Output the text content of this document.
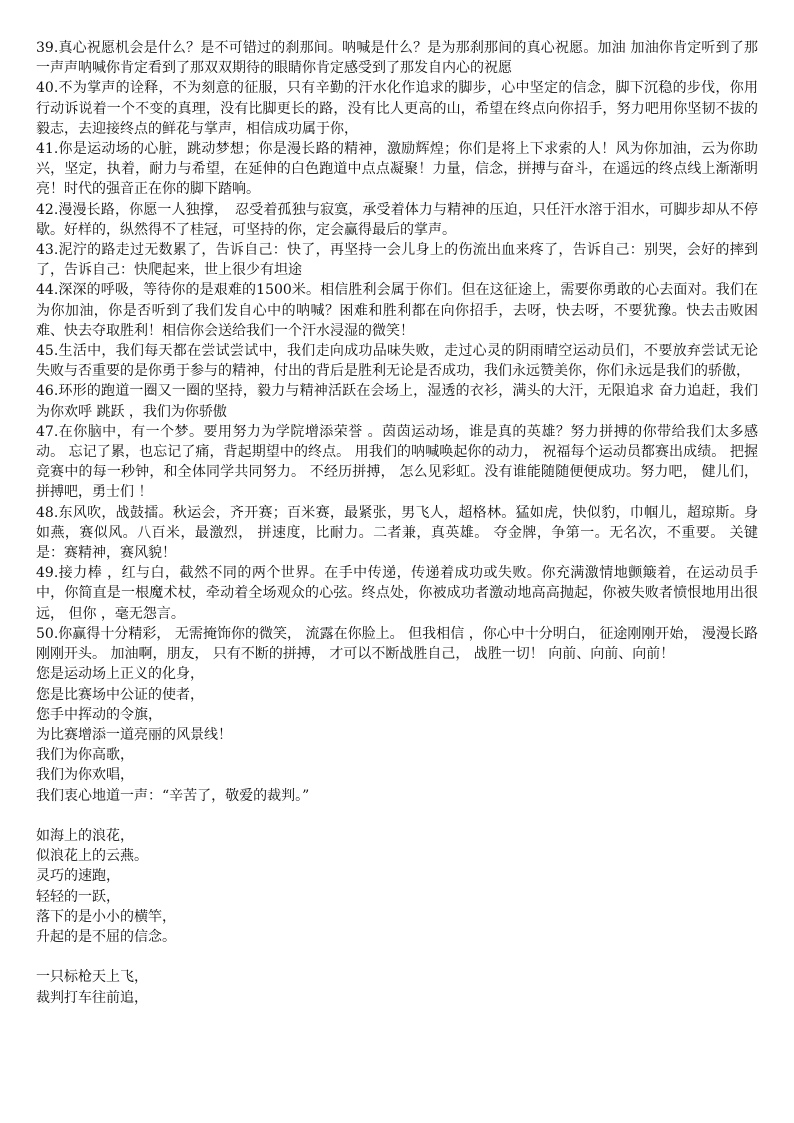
39.真心祝愿机会是什么？是不可错过的刹那间。呐喊是什么？是为那刹那间的真心祝愿。加油 加油你肯定听到了那一声声呐喊你肯定看到了那双双期待的眼睛你肯定感受到了那发自内心的祝愿

40.不为掌声的诠释，不为刻意的征服，只有辛勤的汗水化作追求的脚步，心中坚定的信念，脚下沉稳的步伐，你用行动诉说着一个不变的真理，没有比脚更长的路，没有比人更高的山，希望在终点向你招手，努力吧用你坚韧不拔的毅志，去迎接终点的鲜花与掌声，相信成功属于你，

41.你是运动场的心脏，跳动梦想；你是漫长路的精神，激励辉煌；你们是将上下求索的人！风为你加油，云为你助兴，坚定，执着，耐力与希望，在延伸的白色跑道中点点凝聚！力量，信念，拼搏与奋斗，在遥远的终点线上渐渐明亮！时代的强音正在你的脚下踏响。

42.漫漫长路，你愿一人独撑，　忍受着孤独与寂寞，承受着体力与精神的压迫，只任汗水溶于泪水，可脚步却从不停歇。好样的，纵然得不了桂冠，可坚持的你，定会赢得最后的掌声。

43.泥泞的路走过无数累了，告诉自己：快了，再坚持一会儿身上的伤流出血来疼了，告诉自己：别哭，会好的摔到了，告诉自己：快爬起来，世上很少有坦途

44.深深的呼吸，等待你的是艰难的1500米。相信胜利会属于你们。但在这征途上，需要你勇敢的心去面对。我们在为你加油，你是否听到了我们发自心中的呐喊？困难和胜利都在向你招手，去呀，快去呀，不要犹豫。快去击败困难、快去夺取胜利！相信你会送给我们一个汗水浸湿的微笑！

45.生活中，我们每天都在尝试尝试中，我们走向成功品味失败，走过心灵的阴雨晴空运动员们，不要放弃尝试无论失败与否重要的是你勇于参与的精神，付出的背后是胜利无论是否成功，我们永远赞美你，你们永远是我们的骄傲，

46.环形的跑道一圈又一圈的坚持，毅力与精神活跃在会场上，湿透的衣衫，满头的大汗，无限追求 奋力追赶，我们为你欢呼 跳跃 ，我们为你骄傲

47.在你脑中，有一个梦。要用努力为学院增添荣誉 。茵茵运动场，谁是真的英雄？努力拼搏的你带给我们太多感动。 忘记了累，也忘记了痛，背起期望中的终点。 用我们的呐喊唤起你的动力， 祝福每个运动员都赛出成绩。 把握竞赛中的每一秒钟，和全体同学共同努力。 不经历拼搏， 怎么见彩虹。没有谁能随随便便成功。努力吧， 健儿们，拼搏吧，勇士们 ！

48.东风吹，战鼓擂。秋运会，齐开赛；百米赛，最紧张，男飞人，超格林。猛如虎，快似豹，巾帼儿，超琼斯。身如燕，赛似风。八百米，最激烈， 拼速度，比耐力。二者兼，真英雄。 夺金牌，争第一。无名次，不重要。 关键是：赛精神，赛风貌！

49.接力棒 ，红与白，截然不同的两个世界。在手中传递，传递着成功或失败。你充满激情地颤簸着，在运动员手中，你简直是一根魔术杖，牵动着全场观众的心弦。终点处，你被成功者激动地高高抛起，你被失败者愤恨地用出很远， 但你 ，毫无怨言。

50.你赢得十分精彩， 无需掩饰你的微笑， 流露在你脸上。 但我相信 ，你心中十分明白， 征途刚刚开始， 漫漫长路刚刚开头。 加油啊，朋友， 只有不断的拼搏， 才可以不断战胜自己， 战胜一切！ 向前、向前、向前！

您是运动场上正义的化身，

您是比赛场中公证的使者，

您手中挥动的令旗，

为比赛增添一道亮丽的风景线！

我们为你高歌，

我们为你欢唱，

我们衷心地道一声：“辛苦了，敬爱的裁判。”

如海上的浪花，

似浪花上的云燕。

灵巧的速跑，

轻轻的一跃，

落下的是小小的横竿，

升起的是不屈的信念。

一只标枪天上飞，

裁判打车往前追，
